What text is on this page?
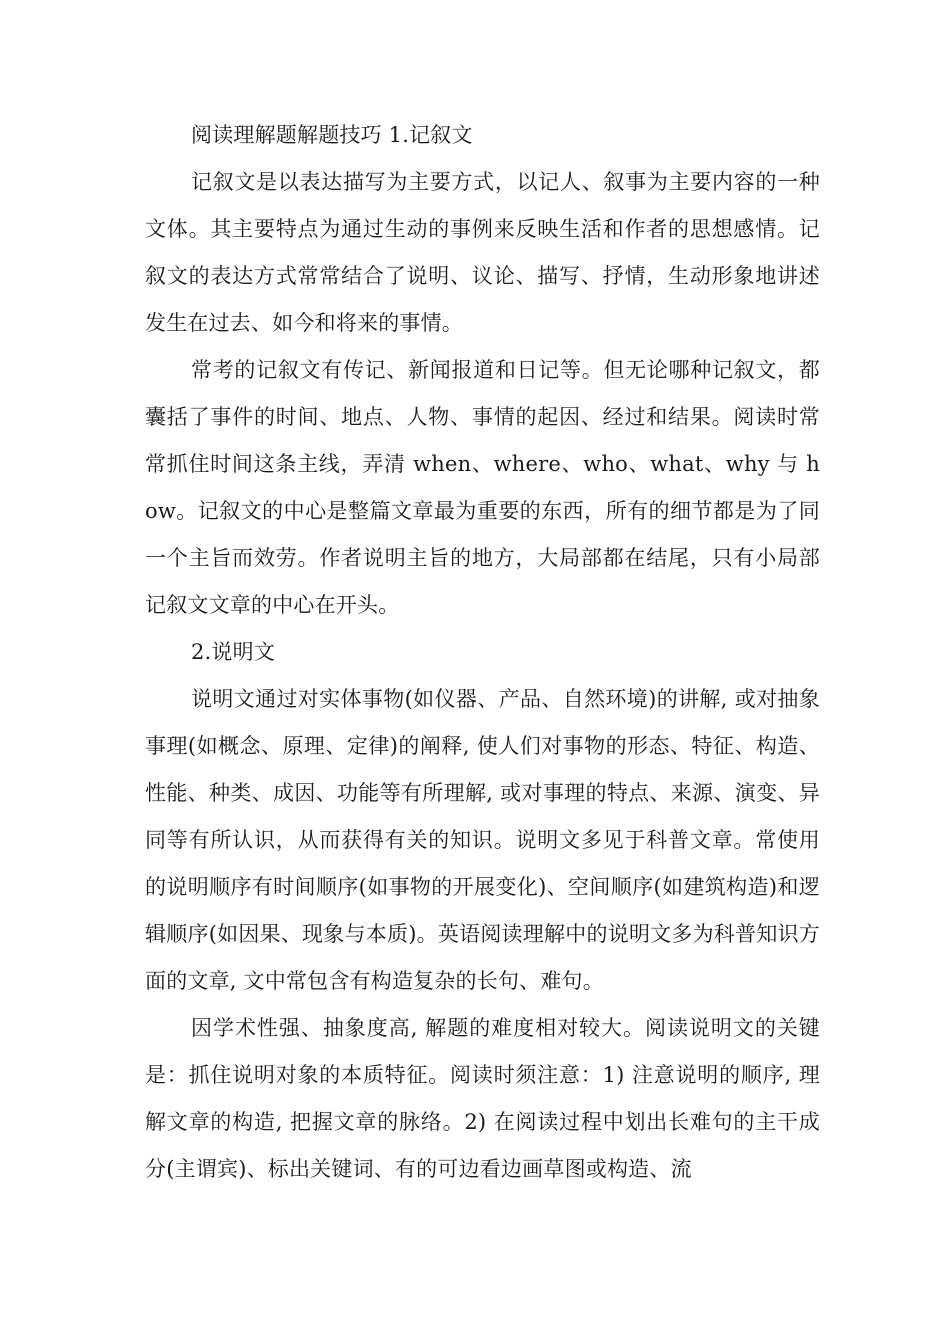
阅读理解题解题技巧 1.记叙文

记叙文是以表达描写为主要方式，以记人、叙事为主要内容的一种文体。其主要特点为通过生动的事例来反映生活和作者的思想感情。记叙文的表达方式常常结合了说明、议论、描写、抒情，生动形象地讲述发生在过去、如今和将来的事情。

常考的记叙文有传记、新闻报道和日记等。但无论哪种记叙文，都囊括了事件的时间、地点、人物、事情的起因、经过和结果。阅读时常常抓住时间这条主线，弄清 when、where、who、what、why 与 how。记叙文的中心是整篇文章最为重要的东西，所有的细节都是为了同一个主旨而效劳。作者说明主旨的地方，大局部都在结尾，只有小局部记叙文文章的中心在开头。

2.说明文

说明文通过对实体事物(如仪器、产品、自然环境)的讲解, 或对抽象事理(如概念、原理、定律)的阐释, 使人们对事物的形态、特征、构造、性能、种类、成因、功能等有所理解, 或对事理的特点、来源、演变、异同等有所认识，从而获得有关的知识。说明文多见于科普文章。常使用的说明顺序有时间顺序(如事物的开展变化)、空间顺序(如建筑构造)和逻辑顺序(如因果、现象与本质)。英语阅读理解中的说明文多为科普知识方面的文章, 文中常包含有构造复杂的长句、难句。

因学术性强、抽象度高, 解题的难度相对较大。阅读说明文的关键是：抓住说明对象的本质特征。阅读时须注意：1) 注意说明的顺序, 理解文章的构造, 把握文章的脉络。2) 在阅读过程中划出长难句的主干成分(主谓宾)、标出关键词、有的可边看边画草图或构造、流
